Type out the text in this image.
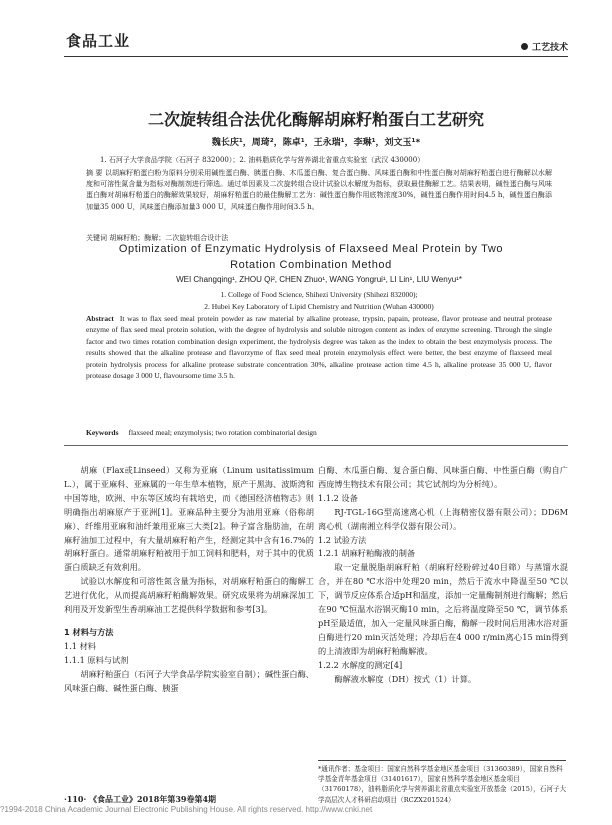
食品工业	工艺技术
二次旋转组合法优化酶解胡麻籽粕蛋白工艺研究
魏长庆¹，周琦²，陈卓¹，王永瑞¹，李琳¹，刘文玉¹*
1. 石河子大学食品学院（石河子 832000）；2. 油料脂质化学与营养湖北省重点实验室（武汉 430000）
摘 要 以胡麻籽粕蛋白粉为原料分别采用碱性蛋白酶、胰蛋白酶、木瓜蛋白酶、复合蛋白酶、风味蛋白酶和中性蛋白酶对胡麻籽粕蛋白进行酶解以水解度和可溶性氮含量为指标对酶制剂进行筛选。通过单因素及二次旋转组合设计试验以水解度为指标，获取最佳酶解工艺。结果表明，碱性蛋白酶与风味蛋白酶对胡麻籽粕蛋白的酶解效果较好，胡麻籽粕蛋白的最佳酶解工艺为：碱性蛋白酶作用底物浓度30%，碱性蛋白酶作用时间4.5 h，碱性蛋白酶添加量35 000 U，风味蛋白酶添加量3 000 U，风味蛋白酶作用时间3.5 h。
关键词 胡麻籽粕；酶解；二次旋转组合设计法
Optimization of Enzymatic Hydrolysis of Flaxseed Meal Protein by Two Rotation Combination Method
WEI Changqing¹, ZHOU Qi², CHEN Zhuo¹, WANG Yongrui¹, LI Lin¹, LIU Wenyu¹*
1. College of Food Science, Shihezi University (Shihezi 832000);
2. Hubei Key Laboratory of Lipid Chemistry and Nutrition (Wuhan 430000)
Abstract It was to flax seed meal protein powder as raw material by alkaline protease, trypsin, papain, protease, flavor protease and neutral protease enzyme of flax seed meal protein solution, with the degree of hydrolysis and soluble nitrogen content as index of enzyme screening. Through the single factor and two times rotation combination design experiment, the hydrolysis degree was taken as the index to obtain the best enzymolysis process. The results showed that the alkaline protease and flavorzyme of flax seed meal protein enzymolysis effect were better, the best enzyme of flaxseed meal protein hydrolysis process for alkaline protease substrate concentration 30%, alkaline protease action time 4.5 h, alkaline protease 35 000 U, flavor protease dosage 3 000 U, flavoursome time 3.5 h.
Keywords flaxseed meal; enzymolysis; two rotation combinatorial design

胡麻（Flax或Linseed）又称为亚麻（Linum usitatissimum L.），属于亚麻科、亚麻属的一年生草本植物，原产于黑海、波斯湾和中国等地，欧洲、中东等区域均有栽培史，而《德国经济植物志》则明确指出胡麻原产于亚洲[1]。亚麻品种主要分为油用亚麻（俗称胡麻）、纤维用亚麻和油纤兼用亚麻三大类[2]。种子富含脂肪油，在胡麻籽油加工过程中，有大量胡麻籽粕产生，经测定其中含有16.7%的胡麻籽蛋白。通常胡麻籽粕被用于加工饲料和肥料，对于其中的优质蛋白质缺乏有效利用。

试验以水解度和可溶性氮含量为指标，对胡麻籽粕蛋白的酶解工艺进行优化，从而提高胡麻籽粕酶解效果。研究成果将为胡麻深加工利用及开发新型生香胡麻油工艺提供科学数据和参考[3]。

1 材料与方法

1.1 材料

1.1.1 原料与试剂

胡麻籽粕蛋白（石河子大学食品学院实验室自制）；碱性蛋白酶、风味蛋白酶、碱性蛋白酶、胰蛋

白酶、木瓜蛋白酶、复合蛋白酶、风味蛋白酶、中性蛋白酶（购自广西庞博生物技术有限公司；其它试剂均为分析纯）。

1.1.2 设备

RJ-TGL-16G型高速离心机（上海精密仪器有限公司）；DD6M离心机（湖南湘立科学仪器有限公司）。

1.2 试验方法

1.2.1 胡麻籽粕酶液的制备

取一定量脱脂胡麻籽粕（胡麻籽经粉碎过40目筛）与蒸馏水混合，并在80 ℃水浴中处理20 min，然后于流水中降温至50 ℃以下，调节反应体系合适pH和温度，添加一定量酶制剂进行酶解；然后在90 ℃恒温水浴锅灭酶10 min，之后将温度降至50 ℃，调节体系pH至最适值，加入一定量风味蛋白酶，酶解一段时间后用沸水浴对蛋白酶进行20 min灭活处理；冷却后在4 000 r/min离心15 min得到的上清液即为胡麻籽粕酶解液。

1.2.2 水解度的测定[4]

酶解液水解度（DH）按式（1）计算。

*通讯作者；基金项目：国家自然科学基金地区基金项目（31360389），国家自然科学基金青年基金项目（31401617），国家自然科学基金地区基金项目（31760178），油料脂质化学与营养湖北省重点实验室开放基金（2015），石河子大学高层次人才科研启动项目（RCZX201524）
·110· 《食品工业》2018年第39卷第4期
?1994-2018 China Academic Journal Electronic Publishing House. All rights reserved. http://www.cnki.net
